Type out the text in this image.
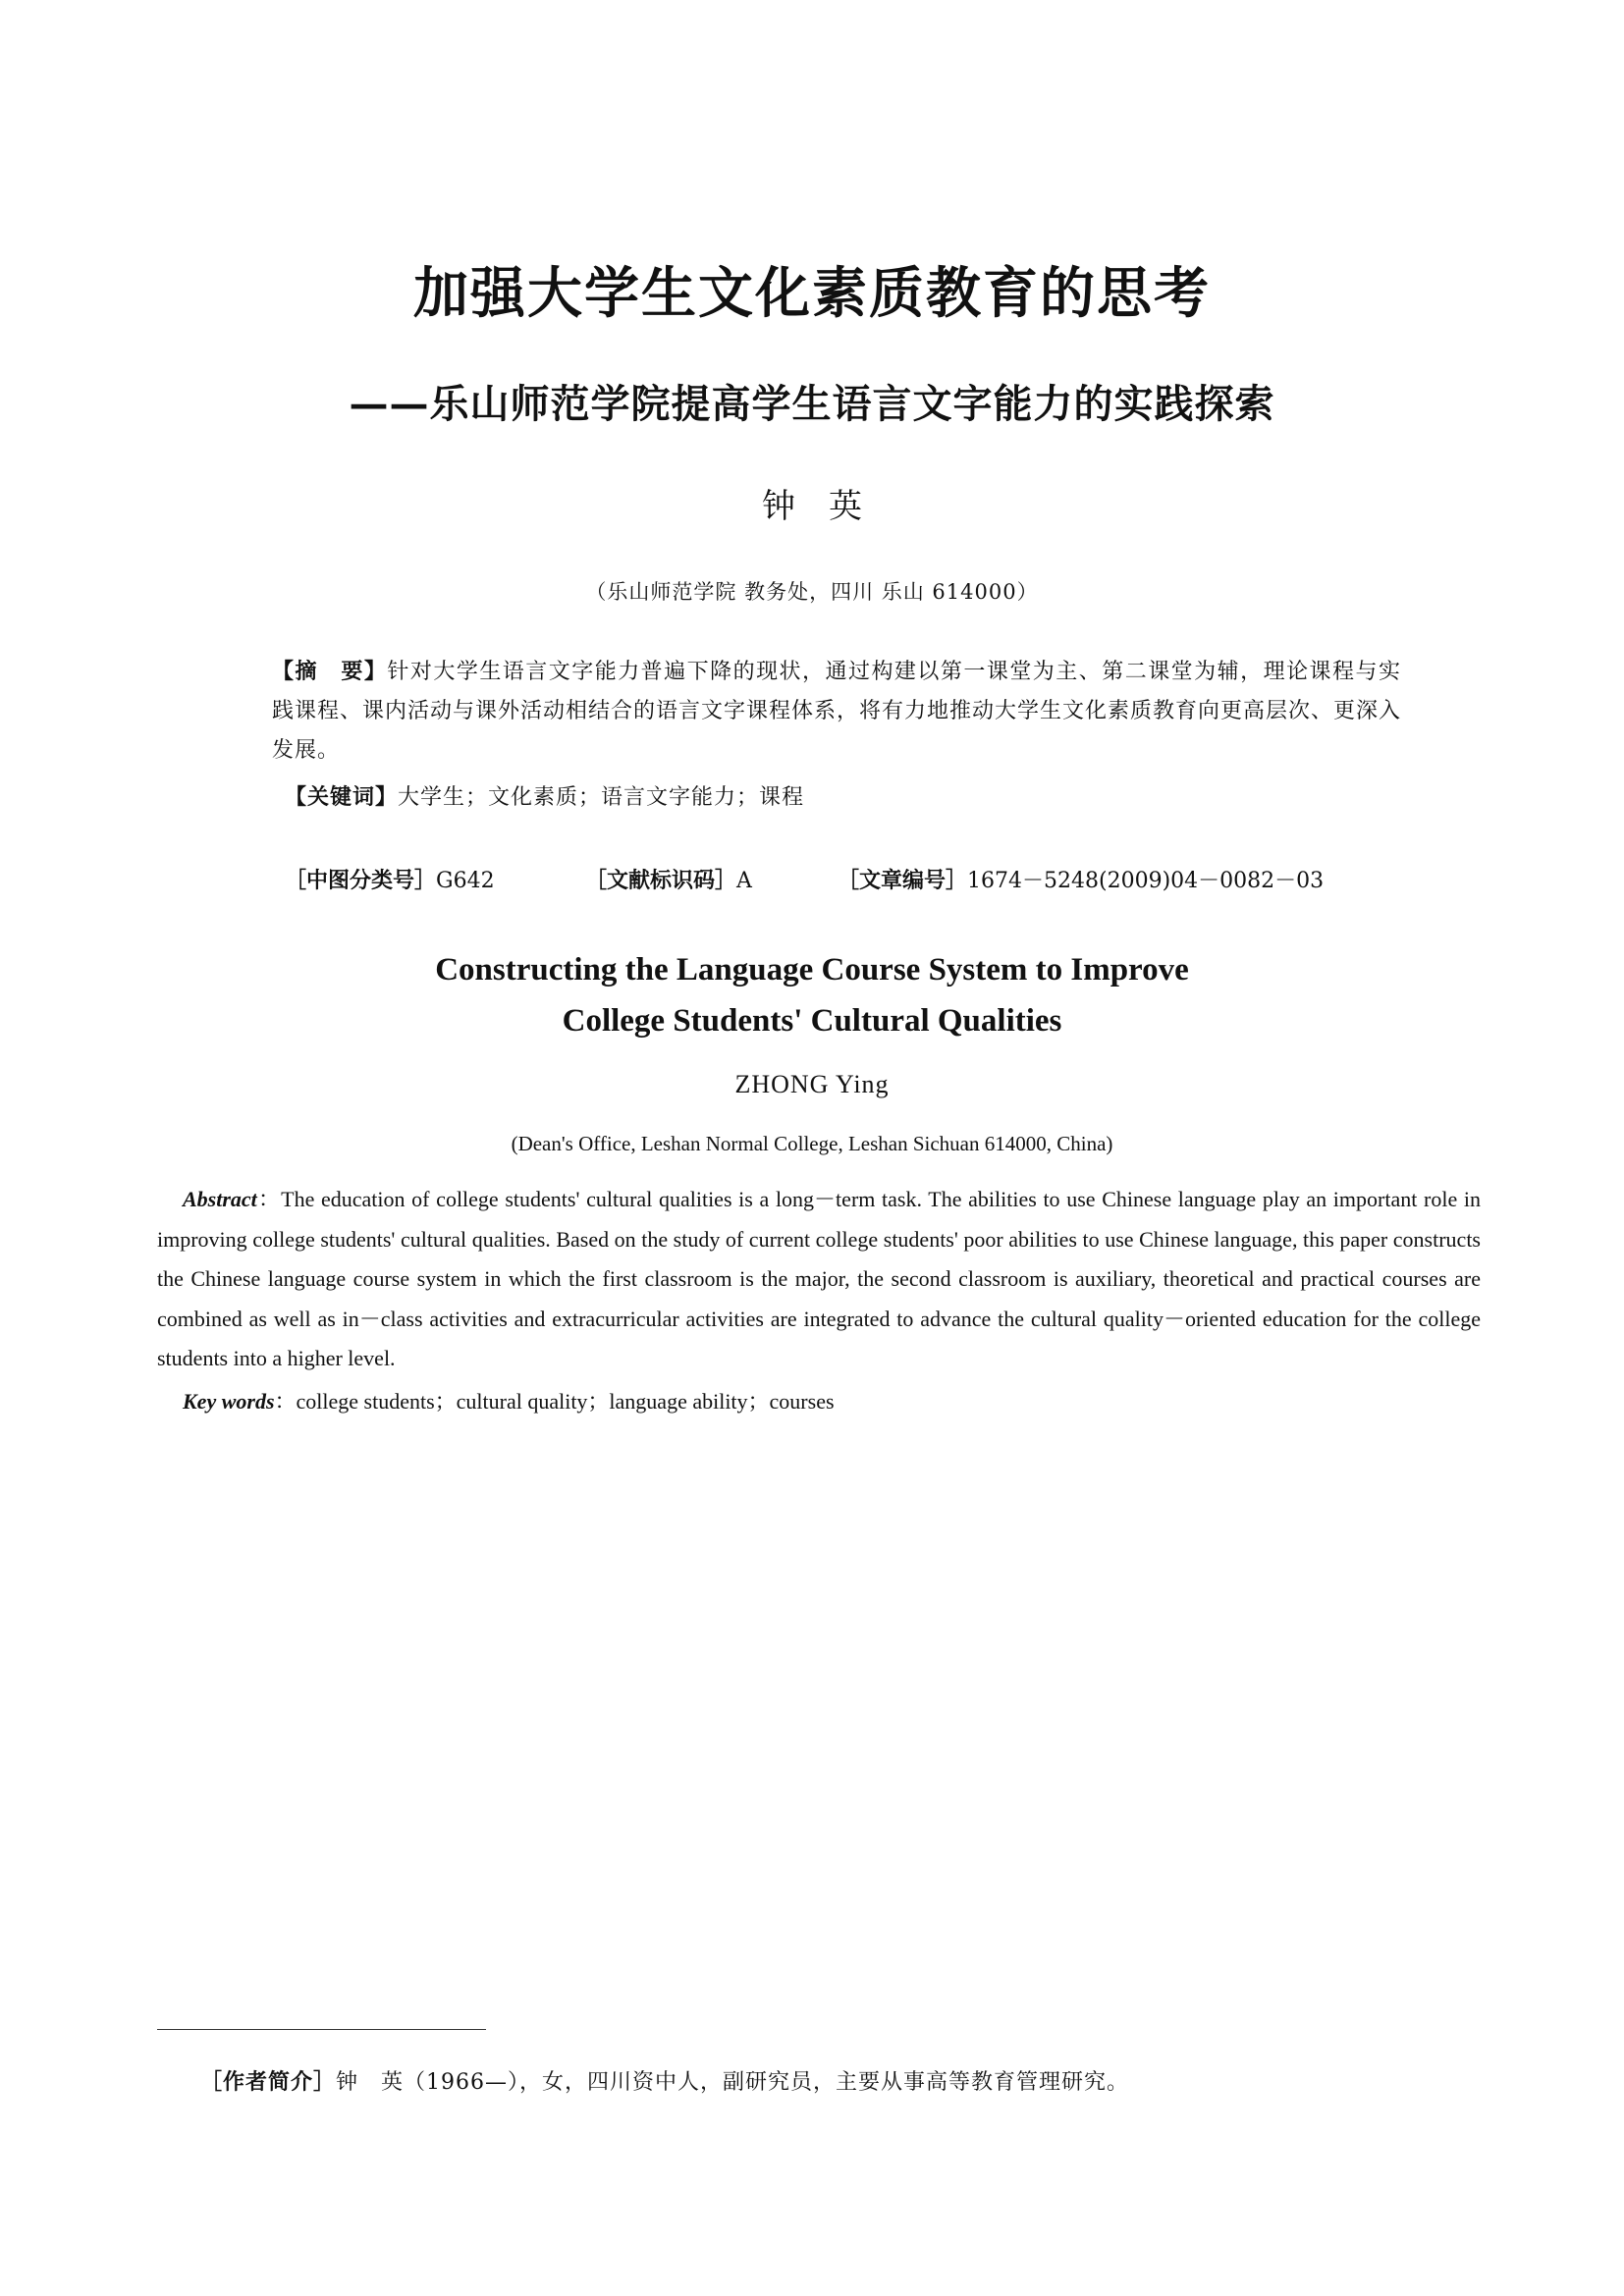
加强大学生文化素质教育的思考
——乐山师范学院提高学生语言文字能力的实践探索
钟　英
（乐山师范学院 教务处，四川 乐山 614000）
【摘　要】针对大学生语言文字能力普遍下降的现状，通过构建以第一课堂为主、第二课堂为辅，理论课程与实践课程、课内活动与课外活动相结合的语言文字课程体系，将有力地推动大学生文化素质教育向更高层次、更深入发展。
【关键词】大学生；文化素质；语言文字能力；课程
［中图分类号］G642	［文献标识码］A	［文章编号］1674－5248(2009)04－0082－03
Constructing the Language Course System to Improve
College Students' Cultural Qualities
ZHONG Ying
(Dean's Office, Leshan Normal College, Leshan Sichuan 614000, China)
Abstract：The education of college students' cultural qualities is a long－term task. The abilities to use Chinese language play an important role in improving college students' cultural qualities. Based on the study of current college students' poor abilities to use Chinese language, this paper constructs the Chinese language course system in which the first classroom is the major, the second classroom is auxiliary, theoretical and practical courses are combined as well as in－class activities and extracurricular activities are integrated to advance the cultural quality－oriented education for the college students into a higher level.
Key words：college students；cultural quality；language ability；courses
［作者简介］钟　英（1966—），女，四川资中人，副研究员，主要从事高等教育管理研究。
